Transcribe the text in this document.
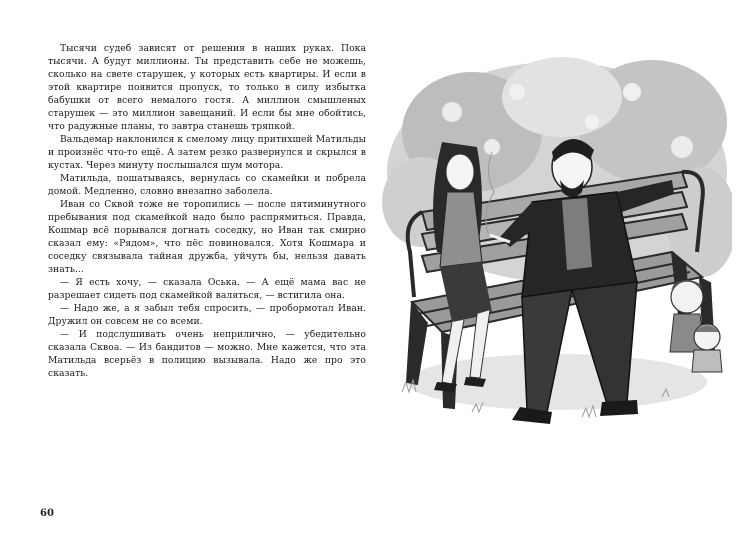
Тысячи судеб зависят от решения в наших руках. Пока тысячи. А будут миллионы. Ты представить себе не можешь, сколько на свете старушек, у которых есть квартиры. И если в этой квартире появится пропуск, то только в силу избытка бабушки от всего немалого гостя. А миллион смышленых старушек — это миллион завещаний. И если бы мне обойтись, что радужные планы, то завтра станешь тряпкой.

Вальдемар наклонился к смелому лицу притихшей Матильды и произнёс что-то ещё. А затем резко развернулся и скрылся в кустах. Через минуту послышался шум мотора.

Матильда, пошатываясь, вернулась со скамейки и побрела домой. Медленно, словно внезапно заболела.

Иван со Сквой тоже не торопились — после пятиминутного пребывания под скамейкой надо было распрямиться. Правда, Кошмар всё порывался догнать соседку, но Иван так смирно сказал ему: «Рядом», что пёс повиновался. Хотя Кошмара и соседку связывала тайная дружба, уйчуть бы, нельзя давать знать...

— Я есть хочу, — сказала Оська. — А ещё мама вас не разрешает сидеть под скамейкой валяться, — встигила она.

— Надо же, а я забыл тебя спросить, — пробормотал Иван. Дружил он совсем не со всеми.

— И подслушивать очень неприлично, — убедительно сказала Сквоа. — Из бандитов — можно. Мне кажется, что эта Матильда всерьёз в полицию вызывала. Надо же про это сказать.

60
